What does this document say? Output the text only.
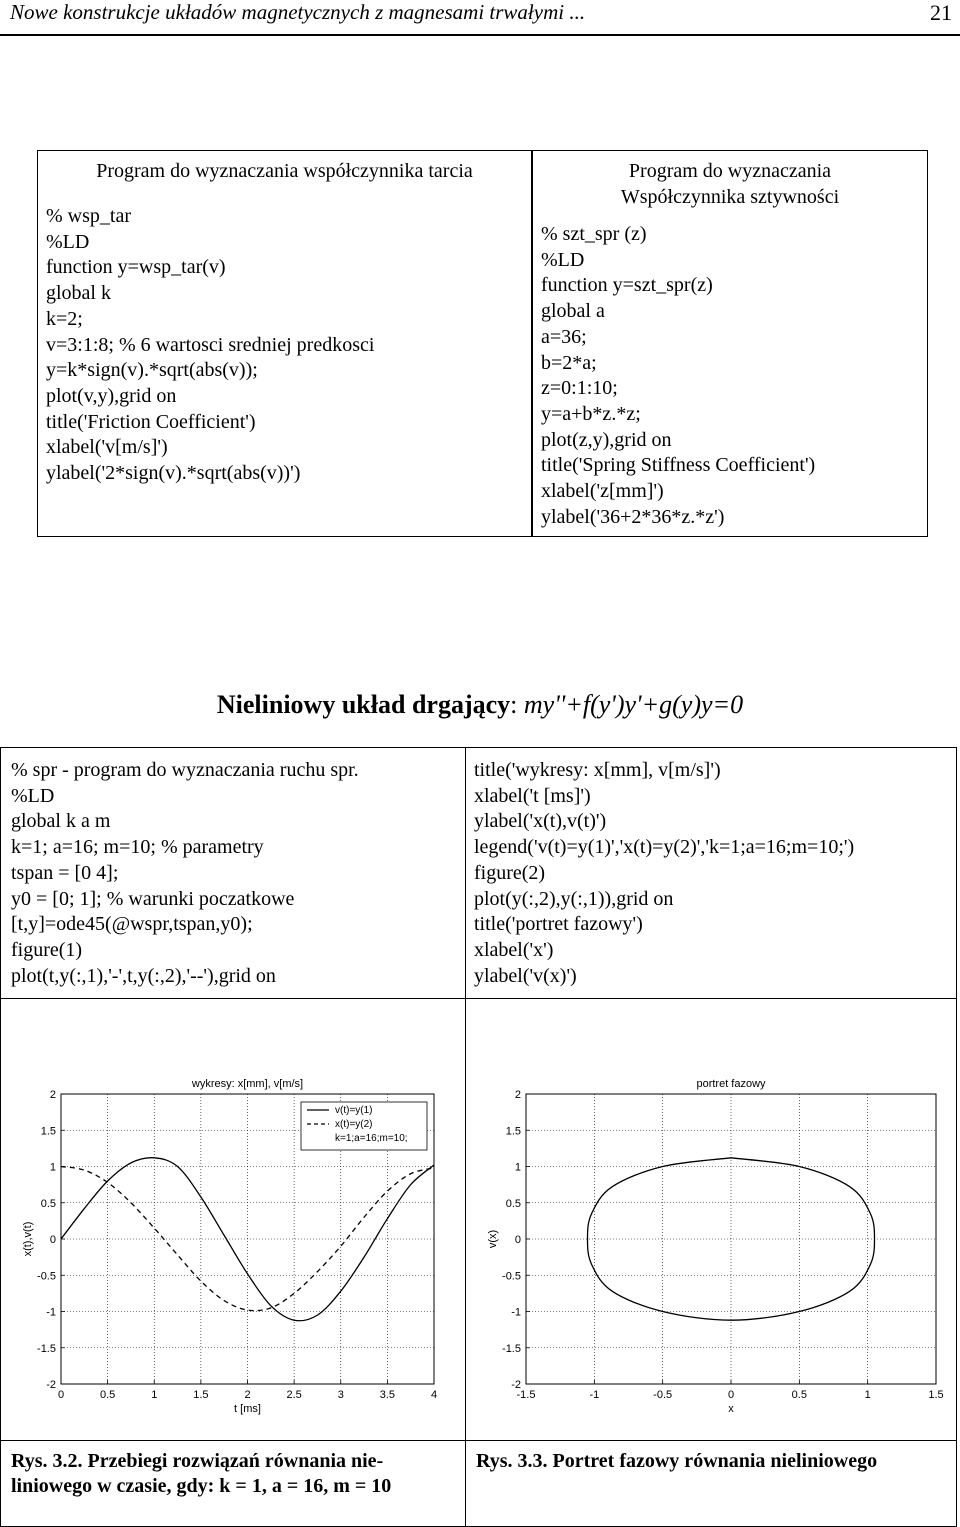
Nowe konstrukcje układów magnetycznych z magnesami trwałymi ...	21
Program do wyznaczania współczynnika tarcia
% wsp_tar
%LD
function y=wsp_tar(v)
global k
k=2;
v=3:1:8; % 6 wartosci sredniej predkosci
y=k*sign(v).*sqrt(abs(v));
plot(v,y),grid on
title('Friction Coefficient')
xlabel('v[m/s]')
ylabel('2*sign(v).*sqrt(abs(v))')
Program do wyznaczania
Współczynnika sztywności
% szt_spr (z)
%LD
function y=szt_spr(z)
global a
a=36;
b=2*a;
z=0:1:10;
y=a+b*z.*z;
plot(z,y),grid on
title('Spring Stiffness Coefficient')
xlabel('z[mm]')
ylabel('36+2*36*z.*z')
Nieliniowy układ drgający: my''+f(y')y'+g(y)y=0
% spr - program do wyznaczania ruchu spr.
%LD
global k a m
k=1; a=16; m=10; % parametry
tspan = [0 4];
y0 = [0; 1]; % warunki poczatkowe
[t,y]=ode45(@wspr,tspan,y0);
figure(1)
plot(t,y(:,1),'-',t,y(:,2),'--'),grid on
title('wykresy: x[mm], v[m/s]')
xlabel('t [ms]')
ylabel('x(t),v(t)')
legend('v(t)=y(1)','x(t)=y(2)','k=1;a=16;m=10;')
figure(2)
plot(y(:,2),y(:,1)),grid on
title('portret fazowy')
xlabel('x')
ylabel('v(x)')
wykresy: x[mm], v[m/s]
0	0.5	1	1.5	2	2.5	3	3.5	4
2
1.5
1
0.5
0
-0.5
-1
-1.5
-2
t [ms]
x(t),v(t)
v(t)=y(1)
x(t)=y(2)
k=1;a=16;m=10;
portret fazowy
-1.5	-1	-0.5	0	0.5	1	1.5
2
1.5
1
0.5
0
-0.5
-1
-1.5
-2
x
v(x)
Rys. 3.2. Przebiegi rozwiązań równania nie-
liniowego w czasie, gdy: k = 1, a = 16, m = 10
Rys. 3.3. Portret fazowy równania nieliniowego
